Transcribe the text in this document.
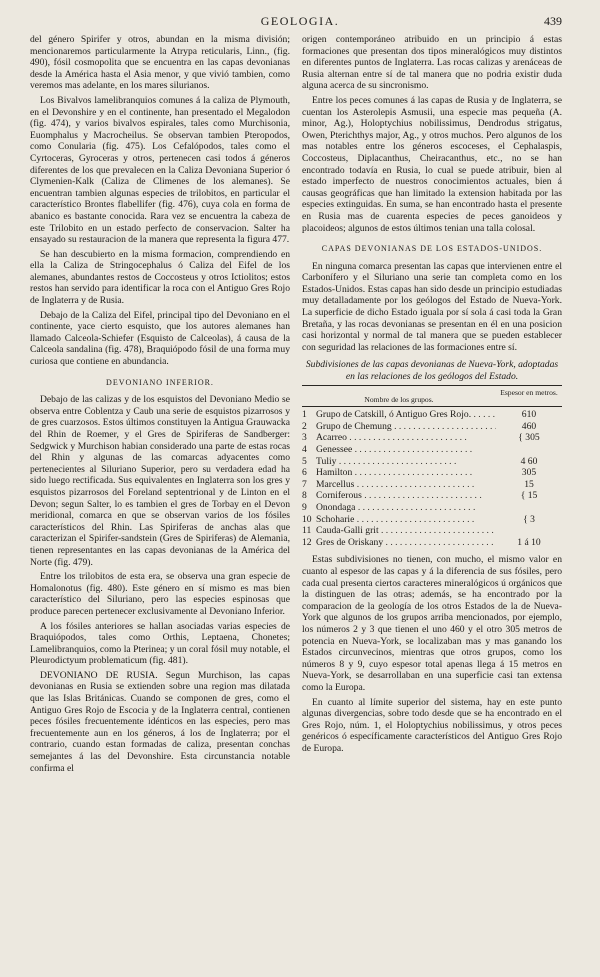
GEOLOGIA.	439

del género Spirifer y otros, abundan en la misma división; mencionaremos particularmente la Atrypa reticularis, Linn., (fig. 490), fósil cosmopolita que se encuentra en las capas devonianas desde la América hasta el Asia menor, y que vivió tambien, como veremos mas adelante, en los mares silurianos.

Los Bivalvos lamelibranquios comunes á la caliza de Plymouth, en el Devonshire y en el continente, han presentado el Megalodon (fig. 474), y varios bivalvos espirales, tales como Murchisonia, Euomphalus y Macrocheilus. Se observan tambien Pteropodos, como Conularia (fig. 475). Los Cefalópodos, tales como el Cyrtoceras, Gyroceras y otros, pertenecen casi todos á géneros diferentes de los que prevalecen en la Caliza Devoniana Superior ó Clymenien-Kalk (Caliza de Climenes de los alemanes). Se encuentran tambien algunas especies de trilobitos, en particular el característico Brontes flabellifer (fig. 476), cuya cola en forma de abanico es bastante conocida. Rara vez se encuentra la cabeza de este Trilobito en un estado perfecto de conservacion. Salter ha ensayado su restauracion de la manera que representa la figura 477.

Se han descubierto en la misma formacion, comprendiendo en ella la Caliza de Stringocephalus ó Caliza del Eifel de los alemanes, abundantes restos de Coccosteus y otros Ictiolitos; estos restos han servido para identificar la roca con el Antiguo Gres Rojo de Inglaterra y de Rusia.

Debajo de la Caliza del Eifel, principal tipo del Devoniano en el continente, yace cierto esquisto, que los autores alemanes han llamado Calceola-Schiefer (Esquisto de Calceolas), á causa de la Calceola sandalina (fig. 478), Braquiópodo fósil de una forma muy curiosa que contiene en abundancia.

DEVONIANO INFERIOR.

Debajo de las calizas y de los esquistos del Devoniano Medio se observa entre Coblentza y Caub una serie de esquistos pizarrosos y de gres cuarzosos. Estos últimos constituyen la Antigua Grauwacka del Rhin de Roemer, y el Gres de Spiriferas de Sandberger: Sedgwick y Murchison habian considerado una parte de estas rocas del Rhin y algunas de las comarcas adyacentes como pertenecientes al Siluriano Superior, pero su verdadera edad ha sido luego rectificada. Sus equivalentes en Inglaterra son los gres y esquistos pizarrosos del Foreland septentrional y de Linton en el Devon; segun Salter, lo es tambien el gres de Torbay en el Devon meridional, comarca en que se observan varios de los fósiles característicos del Rhin. Las Spiriferas de anchas alas que caracterizan el Spirifer-sandstein (Gres de Spiriferas) de Alemania, tienen representantes en las capas devonianas de la América del Norte (fig. 479).

Entre los trilobitos de esta era, se observa una gran especie de Homalonotus (fig. 480). Este género en sí mismo es mas bien característico del Siluriano, pero las especies espinosas que produce parecen pertenecer exclusivamente al Devoniano Inferior.

A los fósiles anteriores se hallan asociadas varias especies de Braquiópodos, tales como Orthis, Leptaena, Chonetes; Lamelibranquios, como la Pterinea; y un coral fósil muy notable, el Pleurodictyum problematicum (fig. 481).

DEVONIANO DE RUSIA. Segun Murchison, las capas devonianas en Rusia se extienden sobre una region mas dilatada que las Islas Británicas. Cuando se componen de gres, como el Antiguo Gres Rojo de Escocia y de la Inglaterra central, contienen peces fósiles frecuentemente idénticos en las especies, pero mas frecuentemente aun en los géneros, á los de Inglaterra; por el contrario, cuando estan formadas de caliza, presentan conchas semejantes á las del Devonshire. Esta circunstancia notable confirma el

origen contemporáneo atribuido en un principio á estas formaciones que presentan dos tipos mineralógicos muy distintos en diferentes puntos de Inglaterra. Las rocas calizas y arenáceas de Rusia alternan entre sí de tal manera que no podria existir duda alguna acerca de su sincronismo.

Entre los peces comunes á las capas de Rusia y de Inglaterra, se cuentan los Asterolepis Asmusii, una especie mas pequeña (A. minor, Ag.), Holoptychius nobilissimus, Dendrodus strigatus, Owen, Pterichthys major, Ag., y otros muchos. Pero algunos de los mas notables entre los géneros escoceses, el Cephalaspis, Coccosteus, Diplacanthus, Cheiracanthus, etc., no se han encontrado todavía en Rusia, lo cual se puede atribuir, bien al estado imperfecto de nuestros conocimientos actuales, bien á causas geográficas que han limitado la extension habitada por las especies extinguidas. En suma, se han encontrado hasta el presente en Rusia mas de cuarenta especies de peces ganoideos y placoideos; algunos de estos últimos tenian una talla colosal.

CAPAS DEVONIANAS DE LOS ESTADOS-UNIDOS.

En ninguna comarca presentan las capas que intervienen entre el Carbonífero y el Siluriano una serie tan completa como en los Estados-Unidos. Estas capas han sido desde un principio estudiadas muy detalladamente por los geólogos del Estado de Nueva-York. La superficie de dicho Estado iguala por sí sola á casi toda la Gran Bretaña, y las rocas devonianas se presentan en él en una posicion casi horizontal y normal de tal manera que se pueden establecer con seguridad las relaciones de las formaciones entre sí.

Subdivisiones de las capas devonianas de Nueva-York, adoptadas en las relaciones de los geólogos del Estado.
Nombre de los grupos.
Espesor en metros.
1 Grupo de Catskill, ó Antiguo Gres Rojo. . . .	610
2 Grupo de Chemung . . .	460
3 Acarreo . . .	{ 305
4 Genessee . . .
5 Tuliy . . .	4 60
6 Hamilton . . .	305
7 Marcellus . . .	15
8 Corniferous . . .	{ 15
9 Onondaga . . .
10 Schoharie . . .	{ 3
11 Cauda-Galli grit . . .
12 Gres de Oriskany . . .	1 á 10

Estas subdivisiones no tienen, con mucho, el mismo valor en cuanto al espesor de las capas y á la diferencia de sus fósiles, pero cada cual presenta ciertos caracteres mineralógicos ú orgánicos que la distinguen de las otras; además, se ha encontrado por la comparacion de la geología de los otros Estados de la de Nueva-York que algunos de los grupos arriba mencionados, por ejemplo, los números 2 y 3 que tienen el uno 460 y el otro 305 metros de potencia en Nueva-York, se localizaban mas y mas ganando los Estados circunvecinos, mientras que otros grupos, como los números 8 y 9, cuyo espesor total apenas llega á 15 metros en Nueva-York, se desarrollaban en una superficie casi tan extensa como la Europa.

En cuanto al límite superior del sistema, hay en este punto algunas divergencias, sobre todo desde que se ha encontrado en el Gres Rojo, núm. 1, el Holoptychius nobilissimus, y otros peces genéricos ó específicamente característicos del Antiguo Gres Rojo de Europa.
